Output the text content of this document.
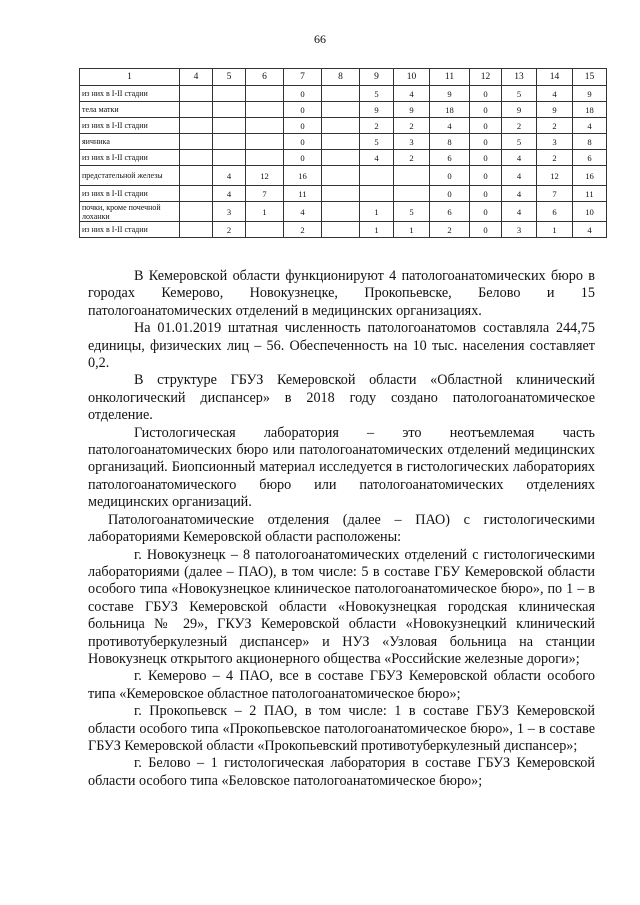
66
1	4	5	6	7	8	9	10	11	12	13	14	15
из них в I-II стадии				0		5	4	9	0	5	4	9
тела матки				0		9	9	18	0	9	9	18
из них в I-II стадии				0		2	2	4	0	2	2	4
яичника				0		5	3	8	0	5	3	8
из них в I-II стадии				0		4	2	6	0	4	2	6
предстательной железы		4	12	16				0	0	4	12	16
из них в I-II стадии		4	7	11				0	0	4	7	11
почки, кроме почечной лоханки		3	1	4		1	5	6	0	4	6	10
из них в I-II стадии		2		2		1	1	2	0	3	1	4

В Кемеровской области функционируют 4 патологоанатомических бюро в городах Кемерово, Новокузнецке, Прокопьевске, Белово и 15 патологоанатомических отделений в медицинских организациях.

На 01.01.2019 штатная численность патологоанатомов составляла 244,75 единицы, физических лиц – 56. Обеспеченность на 10 тыс. населения составляет 0,2.

В структуре ГБУЗ Кемеровской области «Областной клинический онкологический диспансер» в 2018 году создано патологоанатомическое отделение.

Гистологическая лаборатория – это неотъемлемая часть патологоанатомических бюро или патологоанатомических отделений медицинских организаций. Биопсионный материал исследуется в гистологических лабораториях патологоанатомического бюро или патологоанатомических отделениях медицинских организаций.

Патологоанатомические отделения (далее – ПАО) с гистологическими лабораториями Кемеровской области расположены:

г. Новокузнецк – 8 патологоанатомических отделений с гистологическими лабораториями (далее – ПАО), в том числе: 5 в составе ГБУ Кемеровской области особого типа «Новокузнецкое клиническое патологоанатомическое бюро», по 1 – в составе ГБУЗ Кемеровской области «Новокузнецкая городская клиническая больница № 29», ГКУЗ Кемеровской области «Новокузнецкий клинический противотуберкулезный диспансер» и НУЗ «Узловая больница на станции Новокузнецк открытого акционерного общества «Российские железные дороги»;

г. Кемерово – 4 ПАО, все в составе ГБУЗ Кемеровской области особого типа «Кемеровское областное патологоанатомическое бюро»;

г. Прокопьевск – 2 ПАО, в том числе: 1 в составе ГБУЗ Кемеровской области особого типа «Прокопьевское патологоанатомическое бюро», 1 – в составе ГБУЗ Кемеровской области «Прокопьевский противотуберкулезный диспансер»;

г. Белово – 1 гистологическая лаборатория в составе ГБУЗ Кемеровской области особого типа «Беловское патологоанатомическое бюро»;
